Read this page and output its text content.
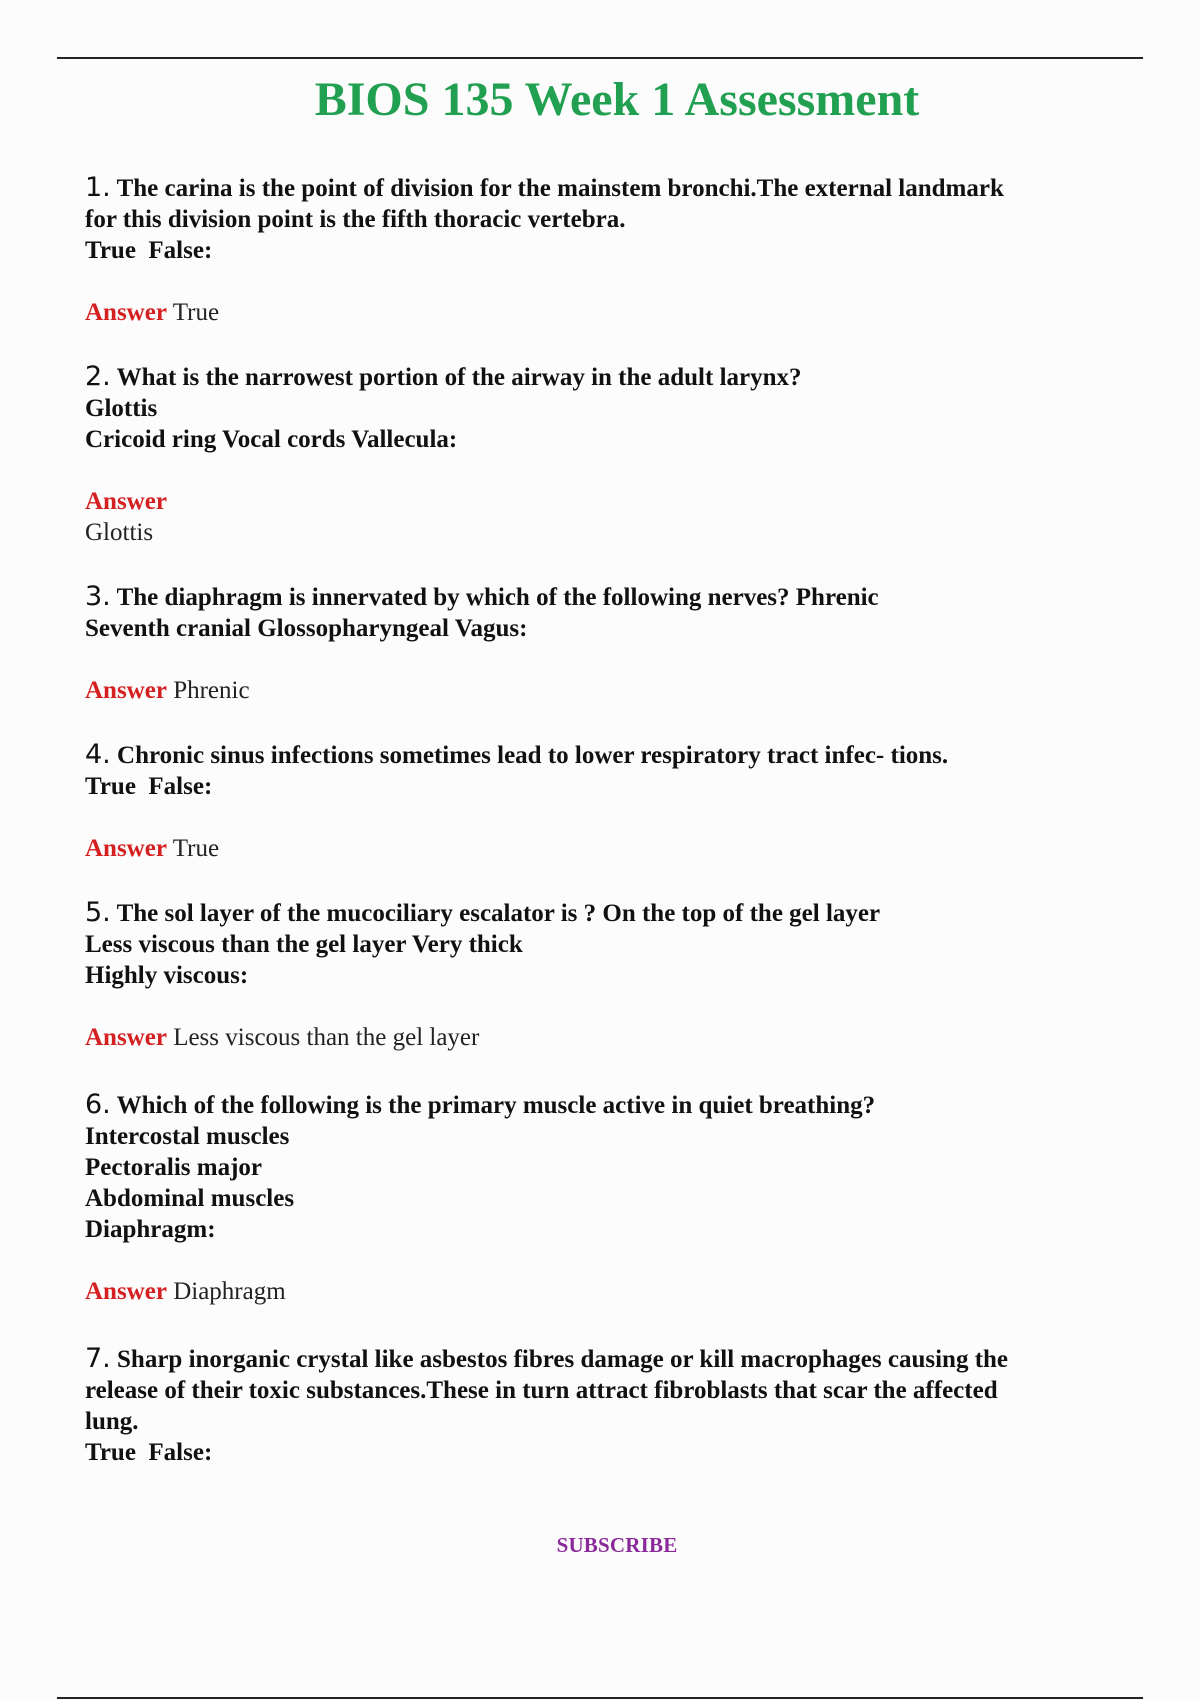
BIOS 135 Week 1 Assessment

1. The carina is the point of division for the mainstem bronchi.The external landmark
for this division point is the fifth thoracic vertebra.
True  False:

Answer True

2. What is the narrowest portion of the airway in the adult larynx?
Glottis
Cricoid ring Vocal cords Vallecula:

Answer
Glottis

3. The diaphragm is innervated by which of the following nerves? Phrenic
Seventh cranial Glossopharyngeal Vagus:

Answer Phrenic

4. Chronic sinus infections sometimes lead to lower respiratory tract infec- tions.
True  False:

Answer True

5. The sol layer of the mucociliary escalator is ? On the top of the gel layer
Less viscous than the gel layer Very thick
Highly viscous:

Answer Less viscous than the gel layer

6. Which of the following is the primary muscle active in quiet breathing?
Intercostal muscles
Pectoralis major
Abdominal muscles
Diaphragm:

Answer Diaphragm

7. Sharp inorganic crystal like asbestos fibres damage or kill macrophages causing the
release of their toxic substances.These in turn attract fibroblasts that scar the affected
lung.
True  False:

SUBSCRIBE
